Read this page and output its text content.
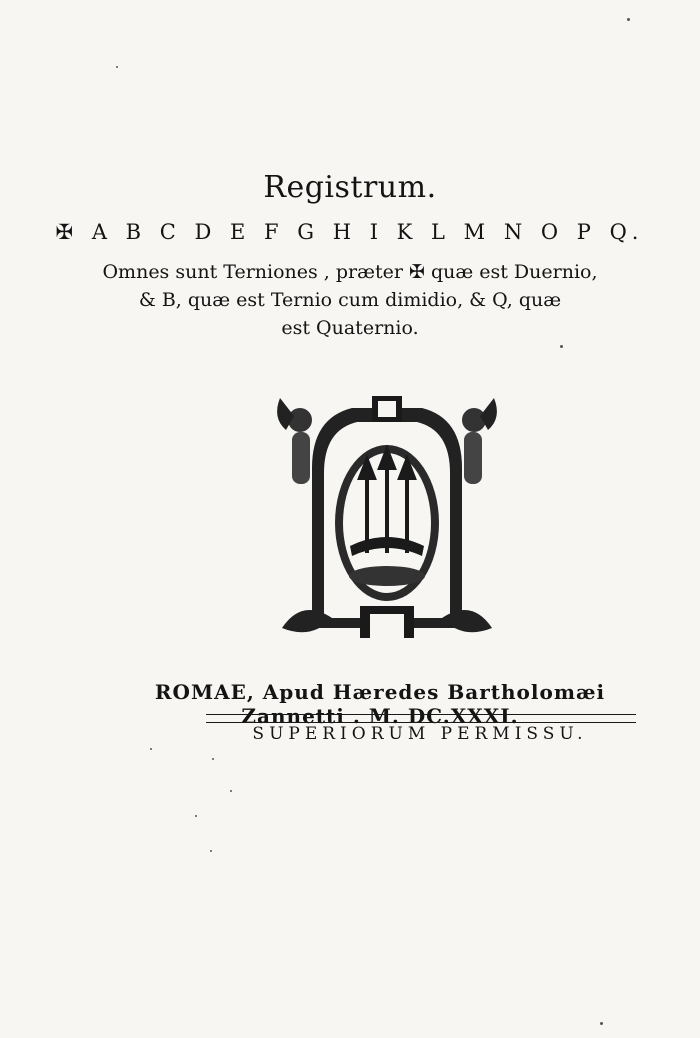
Registrum.
✠ A B C D E F G H I K L M N O P Q.
Omnes sunt Terniones , præter ✠ quæ est Duernio,
& B, quæ est Ternio cum dimidio, & Q, quæ
est Quaternio.
ROMAE, Apud Hæredes Bartholomæi Zannetti . M. DC.XXXI.
SUPERIORUM PERMISSU.
